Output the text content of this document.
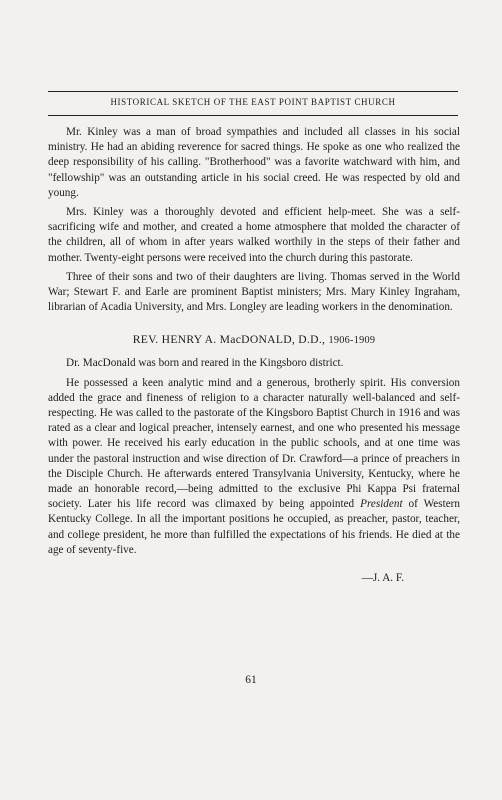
HISTORICAL SKETCH OF THE EAST POINT BAPTIST CHURCH

Mr. Kinley was a man of broad sympathies and included all classes in his social ministry. He had an abiding reverence for sacred things. He spoke as one who realized the deep responsibility of his calling. "Brotherhood" was a favorite watchward with him, and "fellowship" was an outstanding article in his social creed. He was respected by old and young.

Mrs. Kinley was a thoroughly devoted and efficient help-meet. She was a self-sacrificing wife and mother, and created a home atmosphere that molded the character of the children, all of whom in after years walked worthily in the steps of their father and mother. Twenty-eight persons were received into the church during this pastorate.

Three of their sons and two of their daughters are living. Thomas served in the World War; Stewart F. and Earle are prominent Baptist ministers; Mrs. Mary Kinley Ingraham, librarian of Acadia University, and Mrs. Longley are leading workers in the denomination.

REV. HENRY A. MacDONALD, D.D., 1906-1909

Dr. MacDonald was born and reared in the Kingsboro district.

He possessed a keen analytic mind and a generous, brotherly spirit. His conversion added the grace and fineness of religion to a character naturally well-balanced and self-respecting. He was called to the pastorate of the Kingsboro Baptist Church in 1916 and was rated as a clear and logical preacher, intensely earnest, and one who presented his message with power. He received his early education in the public schools, and at one time was under the pastoral instruction and wise direction of Dr. Crawford—a prince of preachers in the Disciple Church. He afterwards entered Transylvania University, Kentucky, where he made an honorable record,—being admitted to the exclusive Phi Kappa Psi fraternal society. Later his life record was climaxed by being appointed President of Western Kentucky College. In all the important positions he occupied, as preacher, pastor, teacher, and college president, he more than fulfilled the expectations of his friends. He died at the age of seventy-five.

—J. A. F.
61
